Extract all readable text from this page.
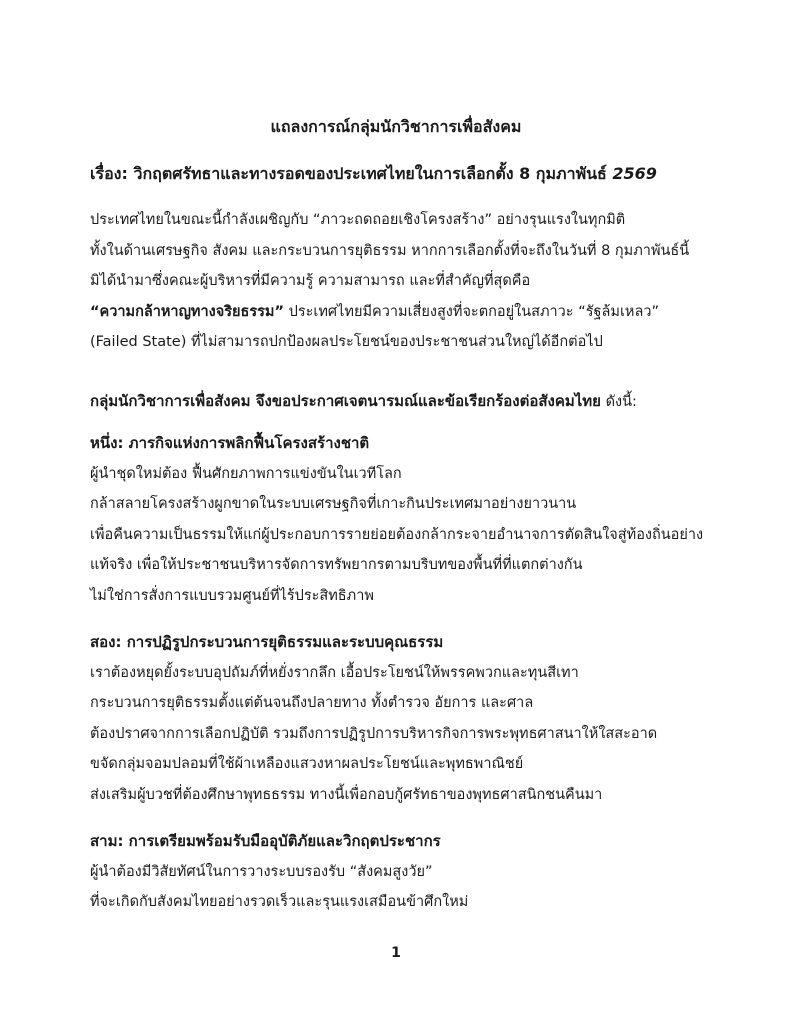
แถลงการณ์กลุ่มนักวิชาการเพื่อสังคม
เรื่อง: วิกฤตศรัทธาและทางรอดของประเทศไทยในการเลือกตั้ง 8 กุมภาพันธ์ 2569
ประเทศไทยในขณะนี้กำลังเผชิญกับ “ภาวะถดถอยเชิงโครงสร้าง” อย่างรุนแรงในทุกมิติ
ทั้งในด้านเศรษฐกิจ สังคม และกระบวนการยุติธรรม หากการเลือกตั้งที่จะถึงในวันที่ 8 กุมภาพันธ์นี้
มิได้นำมาซึ่งคณะผู้บริหารที่มีความรู้ ความสามารถ และที่สำคัญที่สุดคือ
“ความกล้าหาญทางจริยธรรม” ประเทศไทยมีความเสี่ยงสูงที่จะตกอยู่ในสภาวะ “รัฐล้มเหลว”
(Failed State) ที่ไม่สามารถปกป้องผลประโยชน์ของประชาชนส่วนใหญ่ได้อีกต่อไป
กลุ่มนักวิชาการเพื่อสังคม จึงขอประกาศเจตนารมณ์และข้อเรียกร้องต่อสังคมไทย ดังนี้:
หนึ่ง: ภารกิจแห่งการพลิกฟื้นโครงสร้างชาติ
ผู้นำชุดใหม่ต้อง ฟื้นศักยภาพการแข่งขันในเวทีโลก
กล้าสลายโครงสร้างผูกขาดในระบบเศรษฐกิจที่เกาะกินประเทศมาอย่างยาวนาน
เพื่อคืนความเป็นธรรมให้แก่ผู้ประกอบการรายย่อยต้องกล้ากระจายอำนาจการตัดสินใจสู่ท้องถิ่นอย่าง
แท้จริง เพื่อให้ประชาชนบริหารจัดการทรัพยากรตามบริบทของพื้นที่ที่แตกต่างกัน
ไม่ใช่การสั่งการแบบรวมศูนย์ที่ไร้ประสิทธิภาพ
สอง: การปฏิรูปกระบวนการยุติธรรมและระบบคุณธรรม
เราต้องหยุดยั้งระบบอุปถัมภ์ที่หยั่งรากลึก เอื้อประโยชน์ให้พรรคพวกและทุนสีเทา
กระบวนการยุติธรรมตั้งแต่ต้นจนถึงปลายทาง ทั้งตำรวจ อัยการ และศาล
ต้องปราศจากการเลือกปฏิบัติ รวมถึงการปฏิรูปการบริหารกิจการพระพุทธศาสนาให้ใสสะอาด
ขจัดกลุ่มจอมปลอมที่ใช้ผ้าเหลืองแสวงหาผลประโยชน์และพุทธพาณิชย์
ส่งเสริมผู้บวชที่ต้องศึกษาพุทธธรรม ทางนี้เพื่อกอบกู้ศรัทธาของพุทธศาสนิกชนคืนมา
สาม: การเตรียมพร้อมรับมืออุบัติภัยและวิกฤตประชากร
ผู้นำต้องมีวิสัยทัศน์ในการวางระบบรองรับ “สังคมสูงวัย”
ที่จะเกิดกับสังคมไทยอย่างรวดเร็วและรุนแรงเสมือนข้าศึกใหม่
1
